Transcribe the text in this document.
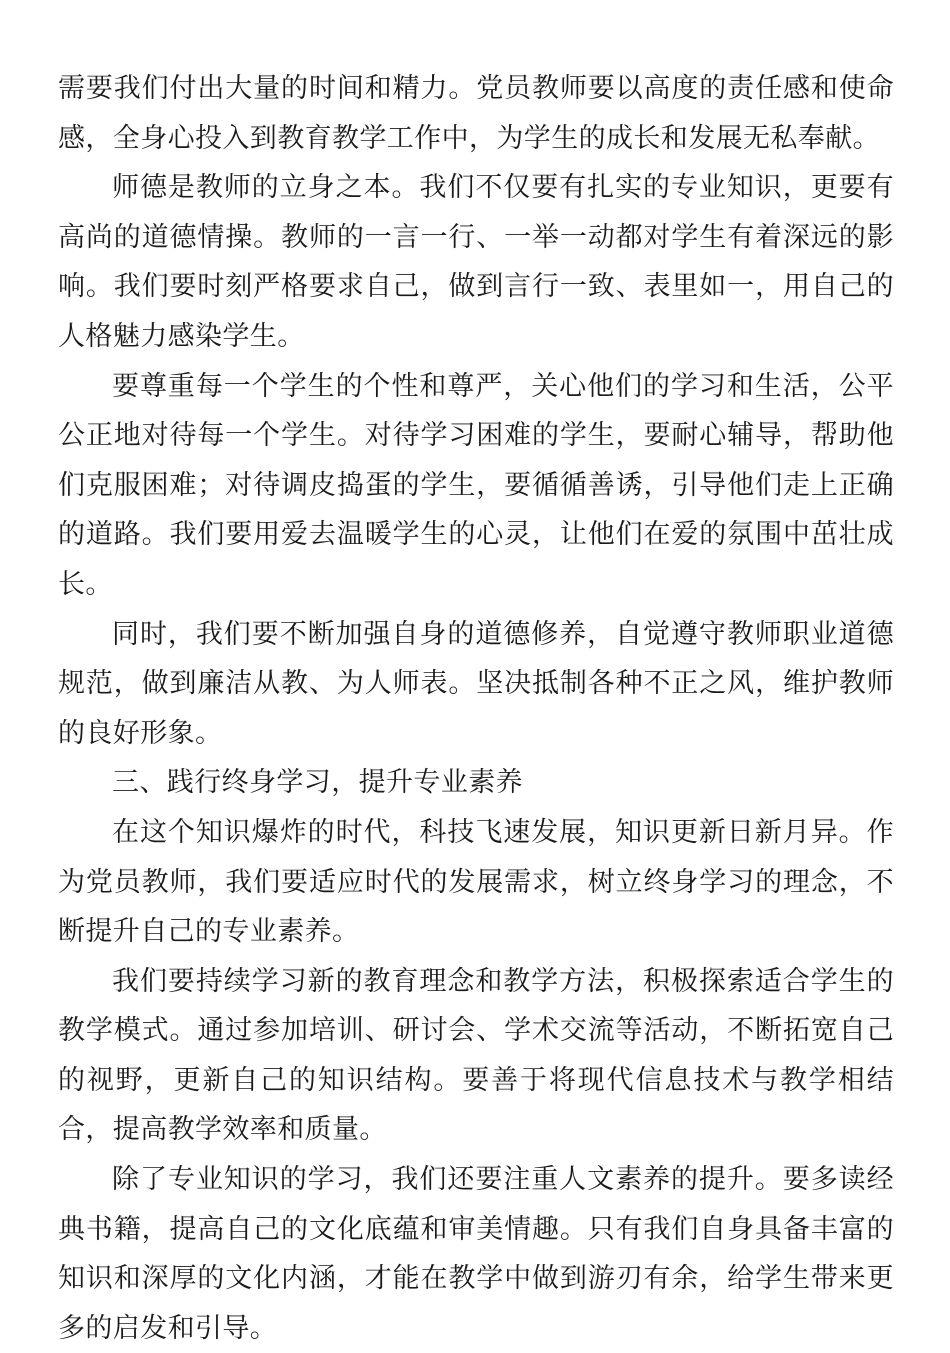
需要我们付出大量的时间和精力。党员教师要以高度的责任感和使命感，全身心投入到教育教学工作中，为学生的成长和发展无私奉献。

师德是教师的立身之本。我们不仅要有扎实的专业知识，更要有高尚的道德情操。教师的一言一行、一举一动都对学生有着深远的影响。我们要时刻严格要求自己，做到言行一致、表里如一，用自己的人格魅力感染学生。

要尊重每一个学生的个性和尊严，关心他们的学习和生活，公平公正地对待每一个学生。对待学习困难的学生，要耐心辅导，帮助他们克服困难；对待调皮捣蛋的学生，要循循善诱，引导他们走上正确的道路。我们要用爱去温暖学生的心灵，让他们在爱的氛围中茁壮成长。

同时，我们要不断加强自身的道德修养，自觉遵守教师职业道德规范，做到廉洁从教、为人师表。坚决抵制各种不正之风，维护教师的良好形象。

三、践行终身学习，提升专业素养

在这个知识爆炸的时代，科技飞速发展，知识更新日新月异。作为党员教师，我们要适应时代的发展需求，树立终身学习的理念，不断提升自己的专业素养。

我们要持续学习新的教育理念和教学方法，积极探索适合学生的教学模式。通过参加培训、研讨会、学术交流等活动，不断拓宽自己的视野，更新自己的知识结构。要善于将现代信息技术与教学相结合，提高教学效率和质量。

除了专业知识的学习，我们还要注重人文素养的提升。要多读经典书籍，提高自己的文化底蕴和审美情趣。只有我们自身具备丰富的知识和深厚的文化内涵，才能在教学中做到游刃有余，给学生带来更多的启发和引导。
